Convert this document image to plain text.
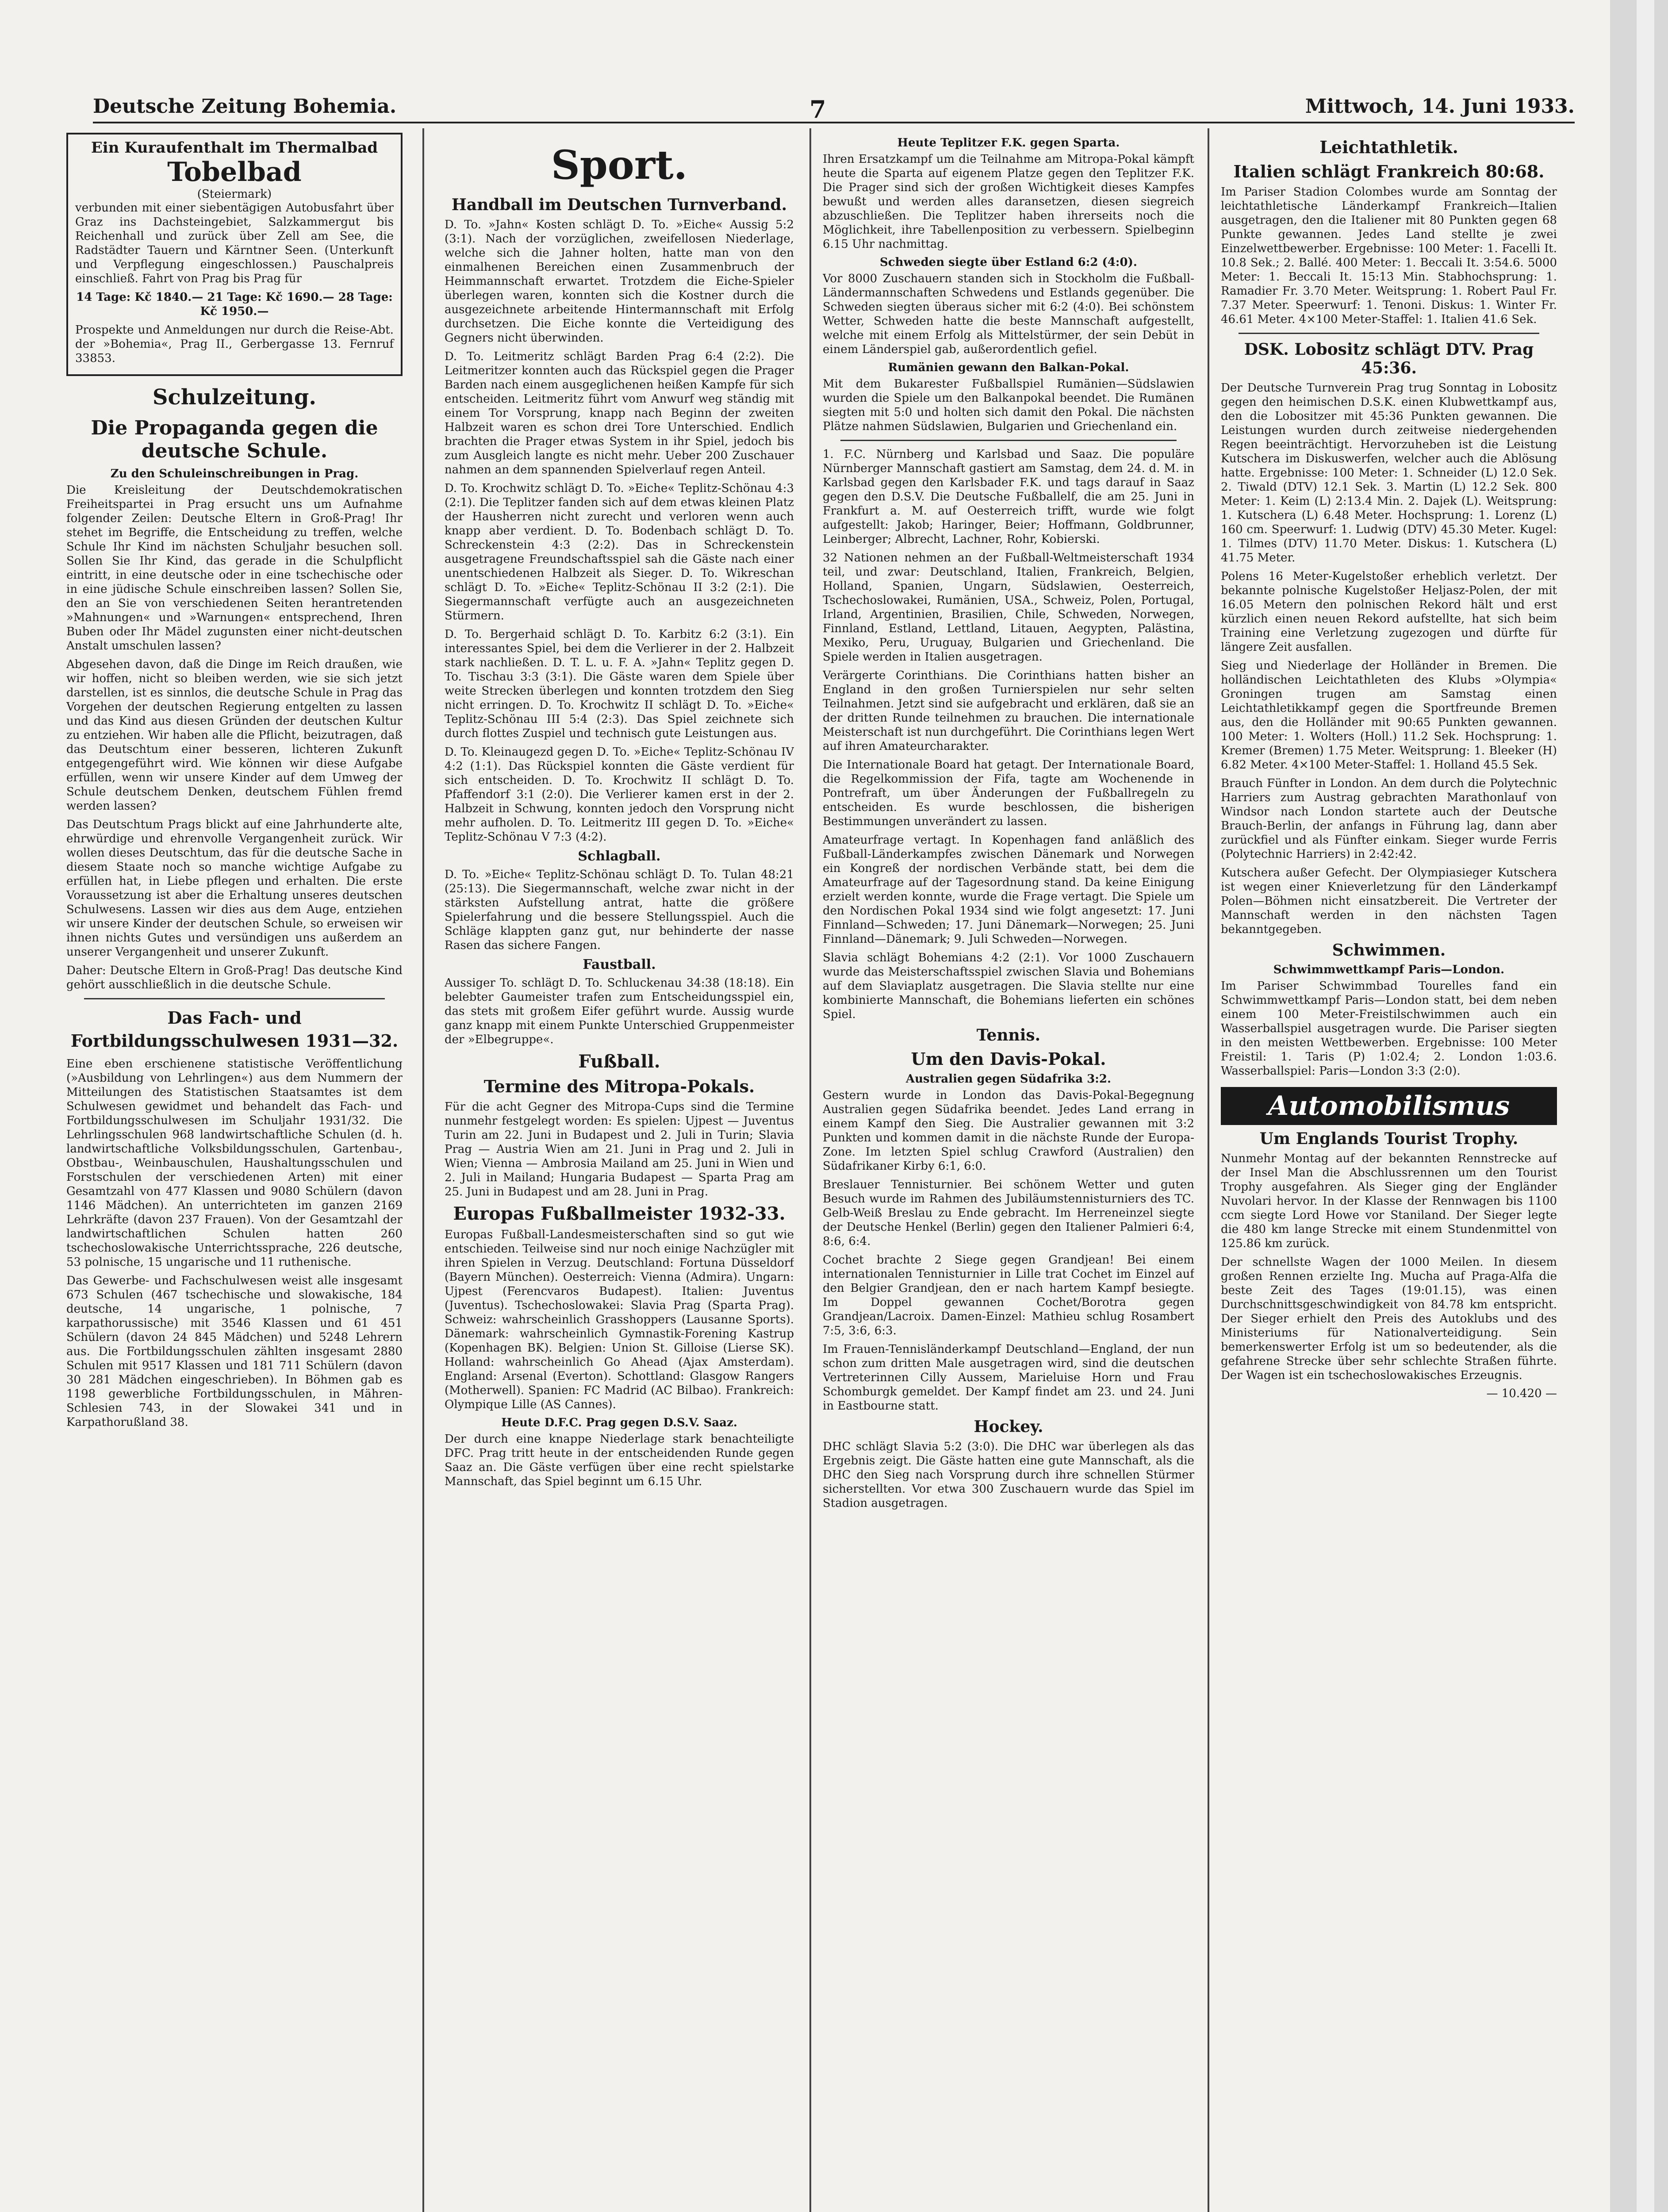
Deutsche Zeitung Bohemia.	7	Mittwoch, 14. Juni 1933.
Ein Kuraufenthalt im Thermalbad
Tobelbad
(Steiermark)

verbunden mit einer siebentägigen Autobusfahrt über Graz ins Dachsteingebiet, Salzkammergut bis Reichenhall und zurück über Zell am See, die Radstädter Tauern und Kärntner Seen. (Unterkunft und Verpflegung eingeschlossen.) Pauschalpreis einschließ. Fahrt von Prag bis Prag für

14 Tage: Kč 1840.— 21 Tage: Kč 1690.— 28 Tage: Kč 1950.—

Prospekte und Anmeldungen nur durch die Reise-Abt. der »Bohemia«, Prag II., Gerbergasse 13. Fernruf 33853.

Schulzeitung.
Die Propaganda gegen die deutsche Schule.
Zu den Schuleinschreibungen in Prag.

Die Kreisleitung der Deutschdemokratischen Freiheitspartei in Prag ersucht uns um Aufnahme folgender Zeilen: Deutsche Eltern in Groß-Prag! Ihr stehet im Begriffe, die Entscheidung zu treffen, welche Schule Ihr Kind im nächsten Schuljahr besuchen soll. Sollen Sie Ihr Kind, das gerade in die Schulpflicht eintritt, in eine deutsche oder in eine tschechische oder in eine jüdische Schule einschreiben lassen? Sollen Sie, den an Sie von verschiedenen Seiten herantretenden »Mahnungen« und »Warnungen« entsprechend, Ihren Buben oder Ihr Mädel zugunsten einer nicht-deutschen Anstalt umschulen lassen?

Abgesehen davon, daß die Dinge im Reich draußen, wie wir hoffen, nicht so bleiben werden, wie sie sich jetzt darstellen, ist es sinnlos, die deutsche Schule in Prag das Vorgehen der deutschen Regierung entgelten zu lassen und das Kind aus diesen Gründen der deutschen Kultur zu entziehen. Wir haben alle die Pflicht, beizutragen, daß das Deutschtum einer besseren, lichteren Zukunft entgegengeführt wird. Wie können wir diese Aufgabe erfüllen, wenn wir unsere Kinder auf dem Umweg der Schule deutschem Denken, deutschem Fühlen fremd werden lassen?

Das Deutschtum Prags blickt auf eine Jahrhunderte alte, ehrwürdige und ehrenvolle Vergangenheit zurück. Wir wollen dieses Deutschtum, das für die deutsche Sache in diesem Staate noch so manche wichtige Aufgabe zu erfüllen hat, in Liebe pflegen und erhalten. Die erste Voraussetzung ist aber die Erhaltung unseres deutschen Schulwesens. Lassen wir dies aus dem Auge, entziehen wir unsere Kinder der deutschen Schule, so erweisen wir ihnen nichts Gutes und versündigen uns außerdem an unserer Vergangenheit und unserer Zukunft.

Daher: Deutsche Eltern in Groß-Prag! Das deutsche Kind gehört ausschließlich in die deutsche Schule.

Das Fach- und Fortbildungsschulwesen 1931—32.

Eine eben erschienene statistische Veröffentlichung (»Ausbildung von Lehrlingen«) aus dem Nummern der Mitteilungen des Statistischen Staatsamtes ist dem Schulwesen gewidmet und behandelt das Fach- und Fortbildungsschulwesen im Schuljahr 1931/32. Die Lehrlingsschulen 968 landwirtschaftliche Schulen (d. h. landwirtschaftliche Volksbildungsschulen, Gartenbau-, Obstbau-, Weinbauschulen, Haushaltungsschulen und Forstschulen der verschiedenen Arten) mit einer Gesamtzahl von 477 Klassen und 9080 Schülern (davon 1146 Mädchen). An unterrichteten im ganzen 2169 Lehrkräfte (davon 237 Frauen). Von der Gesamtzahl der landwirtschaftlichen Schulen hatten 260 tschechoslowakische Unterrichtssprache, 226 deutsche, 53 polnische, 15 ungarische und 11 ruthenische.

Das Gewerbe- und Fachschulwesen weist alle insgesamt 673 Schulen (467 tschechische und slowakische, 184 deutsche, 14 ungarische, 1 polnische, 7 karpathorussische) mit 3546 Klassen und 61 451 Schülern (davon 24 845 Mädchen) und 5248 Lehrern aus. Die Fortbildungsschulen zählten insgesamt 2880 Schulen mit 9517 Klassen und 181 711 Schülern (davon 30 281 Mädchen eingeschrieben). In Böhmen gab es 1198 gewerbliche Fortbildungsschulen, in Mähren-Schlesien 743, in der Slowakei 341 und in Karpathorußland 38.

Sport.
Handball im Deutschen Turnverband.

D. To. »Jahn« Kosten schlägt D. To. »Eiche« Aussig 5:2 (3:1). Nach der vorzüglichen, zweifellosen Niederlage, welche sich die Jahner holten, hatte man von den einmalhenen Bereichen einen Zusammenbruch der Heimmannschaft erwartet. Trotzdem die Eiche-Spieler überlegen waren, konnten sich die Kostner durch die ausgezeichnete arbeitende Hintermannschaft mit Erfolg durchsetzen. Die Eiche konnte die Verteidigung des Gegners nicht überwinden.

D. To. Leitmeritz schlägt Barden Prag 6:4 (2:2). Die Leitmeritzer konnten auch das Rückspiel gegen die Prager Barden nach einem ausgeglichenen heißen Kampfe für sich entscheiden. Leitmeritz führt vom Anwurf weg ständig mit einem Tor Vorsprung, knapp nach Beginn der zweiten Halbzeit waren es schon drei Tore Unterschied. Endlich brachten die Prager etwas System in ihr Spiel, jedoch bis zum Ausgleich langte es nicht mehr. Ueber 200 Zuschauer nahmen an dem spannenden Spielverlauf regen Anteil.

D. To. Krochwitz schlägt D. To. »Eiche« Teplitz-Schönau 4:3 (2:1). Die Teplitzer fanden sich auf dem etwas kleinen Platz der Hausherren nicht zurecht und verloren wenn auch knapp aber verdient. D. To. Bodenbach schlägt D. To. Schreckenstein 4:3 (2:2). Das in Schreckenstein ausgetragene Freundschaftsspiel sah die Gäste nach einer unentschiedenen Halbzeit als Sieger. D. To. Wikreschan schlägt D. To. »Eiche« Teplitz-Schönau II 3:2 (2:1). Die Siegermannschaft verfügte auch an ausgezeichneten Stürmern.

D. To. Bergerhaid schlägt D. To. Karbitz 6:2 (3:1). Ein interessantes Spiel, bei dem die Verlierer in der 2. Halbzeit stark nachließen. D. T. L. u. F. A. »Jahn« Teplitz gegen D. To. Tischau 3:3 (3:1). Die Gäste waren dem Spiele über weite Strecken überlegen und konnten trotzdem den Sieg nicht erringen. D. To. Krochwitz II schlägt D. To. »Eiche« Teplitz-Schönau III 5:4 (2:3). Das Spiel zeichnete sich durch flottes Zuspiel und technisch gute Leistungen aus.

D. To. Kleinaugezd gegen D. To. »Eiche« Teplitz-Schönau IV 4:2 (1:1). Das Rückspiel konnten die Gäste verdient für sich entscheiden. D. To. Krochwitz II schlägt D. To. Pfaffendorf 3:1 (2:0). Die Verlierer kamen erst in der 2. Halbzeit in Schwung, konnten jedoch den Vorsprung nicht mehr aufholen. D. To. Leitmeritz III gegen D. To. »Eiche« Teplitz-Schönau V 7:3 (4:2).

Schlagball.

D. To. »Eiche« Teplitz-Schönau schlägt D. To. Tulan 48:21 (25:13). Die Siegermannschaft, welche zwar nicht in der stärksten Aufstellung antrat, hatte die größere Spielerfahrung und die bessere Stellungsspiel. Auch die Schläge klappten ganz gut, nur behinderte der nasse Rasen das sichere Fangen.

Faustball.

Aussiger To. schlägt D. To. Schluckenau 34:38 (18:18). Ein belebter Gaumeister trafen zum Entscheidungsspiel ein, das stets mit großem Eifer geführt wurde. Aussig wurde ganz knapp mit einem Punkte Unterschied Gruppenmeister der »Elbegruppe«.

Fußball.
Termine des Mitropa-Pokals.

Für die acht Gegner des Mitropa-Cups sind die Termine nunmehr festgelegt worden: Es spielen: Ujpest — Juventus Turin am 22. Juni in Budapest und 2. Juli in Turin; Slavia Prag — Austria Wien am 21. Juni in Prag und 2. Juli in Wien; Vienna — Ambrosia Mailand am 25. Juni in Wien und 2. Juli in Mailand; Hungaria Budapest — Sparta Prag am 25. Juni in Budapest und am 28. Juni in Prag.

Europas Fußballmeister 1932-33.

Europas Fußball-Landesmeisterschaften sind so gut wie entschieden. Teilweise sind nur noch einige Nachzügler mit ihren Spielen in Verzug. Deutschland: Fortuna Düsseldorf (Bayern München). Oesterreich: Vienna (Admira). Ungarn: Ujpest (Ferencvaros Budapest). Italien: Juventus (Juventus). Tschechoslowakei: Slavia Prag (Sparta Prag). Schweiz: wahrscheinlich Grasshoppers (Lausanne Sports). Dänemark: wahrscheinlich Gymnastik-Forening Kastrup (Kopenhagen BK). Belgien: Union St. Gilloise (Lierse SK). Holland: wahrscheinlich Go Ahead (Ajax Amsterdam). England: Arsenal (Everton). Schottland: Glasgow Rangers (Motherwell). Spanien: FC Madrid (AC Bilbao). Frankreich: Olympique Lille (AS Cannes).

Heute D.F.C. Prag gegen D.S.V. Saaz.

Der durch eine knappe Niederlage stark benachteiligte DFC. Prag tritt heute in der entscheidenden Runde gegen Saaz an. Die Gäste verfügen über eine recht spielstarke Mannschaft, das Spiel beginnt um 6.15 Uhr.

Heute Teplitzer F.K. gegen Sparta.

Ihren Ersatzkampf um die Teilnahme am Mitropa-Pokal kämpft heute die Sparta auf eigenem Platze gegen den Teplitzer F.K. Die Prager sind sich der großen Wichtigkeit dieses Kampfes bewußt und werden alles daransetzen, diesen siegreich abzuschließen. Die Teplitzer haben ihrerseits noch die Möglichkeit, ihre Tabellenposition zu verbessern. Spielbeginn 6.15 Uhr nachmittag.

Schweden siegte über Estland 6:2 (4:0).

Vor 8000 Zuschauern standen sich in Stockholm die Fußball-Ländermannschaften Schwedens und Estlands gegenüber. Die Schweden siegten überaus sicher mit 6:2 (4:0). Bei schönstem Wetter, Schweden hatte die beste Mannschaft aufgestellt, welche mit einem Erfolg als Mittelstürmer, der sein Debüt in einem Länderspiel gab, außerordentlich gefiel.

Rumänien gewann den Balkan-Pokal.

Mit dem Bukarester Fußballspiel Rumänien—Südslawien wurden die Spiele um den Balkanpokal beendet. Die Rumänen siegten mit 5:0 und holten sich damit den Pokal. Die nächsten Plätze nahmen Südslawien, Bulgarien und Griechenland ein.

1. F.C. Nürnberg und Karlsbad und Saaz. Die populäre Nürnberger Mannschaft gastiert am Samstag, dem 24. d. M. in Karlsbad gegen den Karlsbader F.K. und tags darauf in Saaz gegen den D.S.V. Die Deutsche Fußballelf, die am 25. Juni in Frankfurt a. M. auf Oesterreich trifft, wurde wie folgt aufgestellt: Jakob; Haringer, Beier; Hoffmann, Goldbrunner, Leinberger; Albrecht, Lachner, Rohr, Kobierski.

32 Nationen nehmen an der Fußball-Weltmeisterschaft 1934 teil, und zwar: Deutschland, Italien, Frankreich, Belgien, Holland, Spanien, Ungarn, Südslawien, Oesterreich, Tschechoslowakei, Rumänien, USA., Schweiz, Polen, Portugal, Irland, Argentinien, Brasilien, Chile, Schweden, Norwegen, Finnland, Estland, Lettland, Litauen, Aegypten, Palästina, Mexiko, Peru, Uruguay, Bulgarien und Griechenland. Die Spiele werden in Italien ausgetragen.

Verärgerte Corinthians. Die Corinthians hatten bisher an England in den großen Turnierspielen nur sehr selten Teilnahmen. Jetzt sind sie aufgebracht und erklären, daß sie an der dritten Runde teilnehmen zu brauchen. Die internationale Meisterschaft ist nun durchgeführt. Die Corinthians legen Wert auf ihren Amateurcharakter.

Die Internationale Board hat getagt. Der Internationale Board, die Regelkommission der Fifa, tagte am Wochenende in Pontrefraft, um über Änderungen der Fußballregeln zu entscheiden. Es wurde beschlossen, die bisherigen Bestimmungen unverändert zu lassen.

Amateurfrage vertagt. In Kopenhagen fand anläßlich des Fußball-Länderkampfes zwischen Dänemark und Norwegen ein Kongreß der nordischen Verbände statt, bei dem die Amateurfrage auf der Tagesordnung stand. Da keine Einigung erzielt werden konnte, wurde die Frage vertagt. Die Spiele um den Nordischen Pokal 1934 sind wie folgt angesetzt: 17. Juni Finnland—Schweden; 17. Juni Dänemark—Norwegen; 25. Juni Finnland—Dänemark; 9. Juli Schweden—Norwegen.

Slavia schlägt Bohemians 4:2 (2:1). Vor 1000 Zuschauern wurde das Meisterschaftsspiel zwischen Slavia und Bohemians auf dem Slaviaplatz ausgetragen. Die Slavia stellte nur eine kombinierte Mannschaft, die Bohemians lieferten ein schönes Spiel.

Tennis.
Um den Davis-Pokal.
Australien gegen Südafrika 3:2.

Gestern wurde in London das Davis-Pokal-Begegnung Australien gegen Südafrika beendet. Jedes Land errang in einem Kampf den Sieg. Die Australier gewannen mit 3:2 Punkten und kommen damit in die nächste Runde der Europa-Zone. Im letzten Spiel schlug Crawford (Australien) den Südafrikaner Kirby 6:1, 6:0.

Breslauer Tennisturnier. Bei schönem Wetter und guten Besuch wurde im Rahmen des Jubiläumstennisturniers des TC. Gelb-Weiß Breslau zu Ende gebracht. Im Herreneinzel siegte der Deutsche Henkel (Berlin) gegen den Italiener Palmieri 6:4, 8:6, 6:4.

Cochet brachte 2 Siege gegen Grandjean! Bei einem internationalen Tennisturnier in Lille trat Cochet im Einzel auf den Belgier Grandjean, den er nach hartem Kampf besiegte. Im Doppel gewannen Cochet/Borotra gegen Grandjean/Lacroix. Damen-Einzel: Mathieu schlug Rosambert 7:5, 3:6, 6:3.

Im Frauen-Tennisländerkampf Deutschland—England, der nun schon zum dritten Male ausgetragen wird, sind die deutschen Vertreterinnen Cilly Aussem, Marieluise Horn und Frau Schomburgk gemeldet. Der Kampf findet am 23. und 24. Juni in Eastbourne statt.

Hockey.

DHC schlägt Slavia 5:2 (3:0). Die DHC war überlegen als das Ergebnis zeigt. Die Gäste hatten eine gute Mannschaft, als die DHC den Sieg nach Vorsprung durch ihre schnellen Stürmer sicherstellten. Vor etwa 300 Zuschauern wurde das Spiel im Stadion ausgetragen.

Leichtathletik.
Italien schlägt Frankreich 80:68.

Im Pariser Stadion Colombes wurde am Sonntag der leichtathletische Länderkampf Frankreich—Italien ausgetragen, den die Italiener mit 80 Punkten gegen 68 Punkte gewannen. Jedes Land stellte je zwei Einzelwettbewerber. Ergebnisse: 100 Meter: 1. Facelli It. 10.8 Sek.; 2. Ballé. 400 Meter: 1. Beccali It. 3:54.6. 5000 Meter: 1. Beccali It. 15:13 Min. Stabhochsprung: 1. Ramadier Fr. 3.70 Meter. Weitsprung: 1. Robert Paul Fr. 7.37 Meter. Speerwurf: 1. Tenoni. Diskus: 1. Winter Fr. 46.61 Meter. 4×100 Meter-Staffel: 1. Italien 41.6 Sek.

DSK. Lobositz schlägt DTV. Prag 45:36.

Der Deutsche Turnverein Prag trug Sonntag in Lobositz gegen den heimischen D.S.K. einen Klubwettkampf aus, den die Lobositzer mit 45:36 Punkten gewannen. Die Leistungen wurden durch zeitweise niedergehenden Regen beeinträchtigt. Hervorzuheben ist die Leistung Kutschera im Diskuswerfen, welcher auch die Ablösung hatte. Ergebnisse: 100 Meter: 1. Schneider (L) 12.0 Sek. 2. Tiwald (DTV) 12.1 Sek. 3. Martin (L) 12.2 Sek. 800 Meter: 1. Keim (L) 2:13.4 Min. 2. Dajek (L). Weitsprung: 1. Kutschera (L) 6.48 Meter. Hochsprung: 1. Lorenz (L) 160 cm. Speerwurf: 1. Ludwig (DTV) 45.30 Meter. Kugel: 1. Tilmes (DTV) 11.70 Meter. Diskus: 1. Kutschera (L) 41.75 Meter.

Polens 16 Meter-Kugelstoßer erheblich verletzt. Der bekannte polnische Kugelstoßer Heljasz-Polen, der mit 16.05 Metern den polnischen Rekord hält und erst kürzlich einen neuen Rekord aufstellte, hat sich beim Training eine Verletzung zugezogen und dürfte für längere Zeit ausfallen.

Sieg und Niederlage der Holländer in Bremen. Die holländischen Leichtathleten des Klubs »Olympia« Groningen trugen am Samstag einen Leichtathletikkampf gegen die Sportfreunde Bremen aus, den die Holländer mit 90:65 Punkten gewannen. 100 Meter: 1. Wolters (Holl.) 11.2 Sek. Hochsprung: 1. Kremer (Bremen) 1.75 Meter. Weitsprung: 1. Bleeker (H) 6.82 Meter. 4×100 Meter-Staffel: 1. Holland 45.5 Sek.

Brauch Fünfter in London. An dem durch die Polytechnic Harriers zum Austrag gebrachten Marathonlauf von Windsor nach London startete auch der Deutsche Brauch-Berlin, der anfangs in Führung lag, dann aber zurückfiel und als Fünfter einkam. Sieger wurde Ferris (Polytechnic Harriers) in 2:42:42.

Kutschera außer Gefecht. Der Olympiasieger Kutschera ist wegen einer Knieverletzung für den Länderkampf Polen—Böhmen nicht einsatzbereit. Die Vertreter der Mannschaft werden in den nächsten Tagen bekanntgegeben.

Schwimmen.
Schwimmwettkampf Paris—London.

Im Pariser Schwimmbad Tourelles fand ein Schwimmwettkampf Paris—London statt, bei dem neben einem 100 Meter-Freistilschwimmen auch ein Wasserballspiel ausgetragen wurde. Die Pariser siegten in den meisten Wettbewerben. Ergebnisse: 100 Meter Freistil: 1. Taris (P) 1:02.4; 2. London 1:03.6. Wasserballspiel: Paris—London 3:3 (2:0).

Automobilismus
Um Englands Tourist Trophy.

Nunmehr Montag auf der bekannten Rennstrecke auf der Insel Man die Abschlussrennen um den Tourist Trophy ausgefahren. Als Sieger ging der Engländer Nuvolari hervor. In der Klasse der Rennwagen bis 1100 ccm siegte Lord Howe vor Staniland. Der Sieger legte die 480 km lange Strecke mit einem Stundenmittel von 125.86 km zurück.

Der schnellste Wagen der 1000 Meilen. In diesem großen Rennen erzielte Ing. Mucha auf Praga-Alfa die beste Zeit des Tages (19:01.15), was einen Durchschnittsgeschwindigkeit von 84.78 km entspricht. Der Sieger erhielt den Preis des Autoklubs und des Ministeriums für Nationalverteidigung. Sein bemerkenswerter Erfolg ist um so bedeutender, als die gefahrene Strecke über sehr schlechte Straßen führte. Der Wagen ist ein tschechoslowakisches Erzeugnis.

— 10.420 —
